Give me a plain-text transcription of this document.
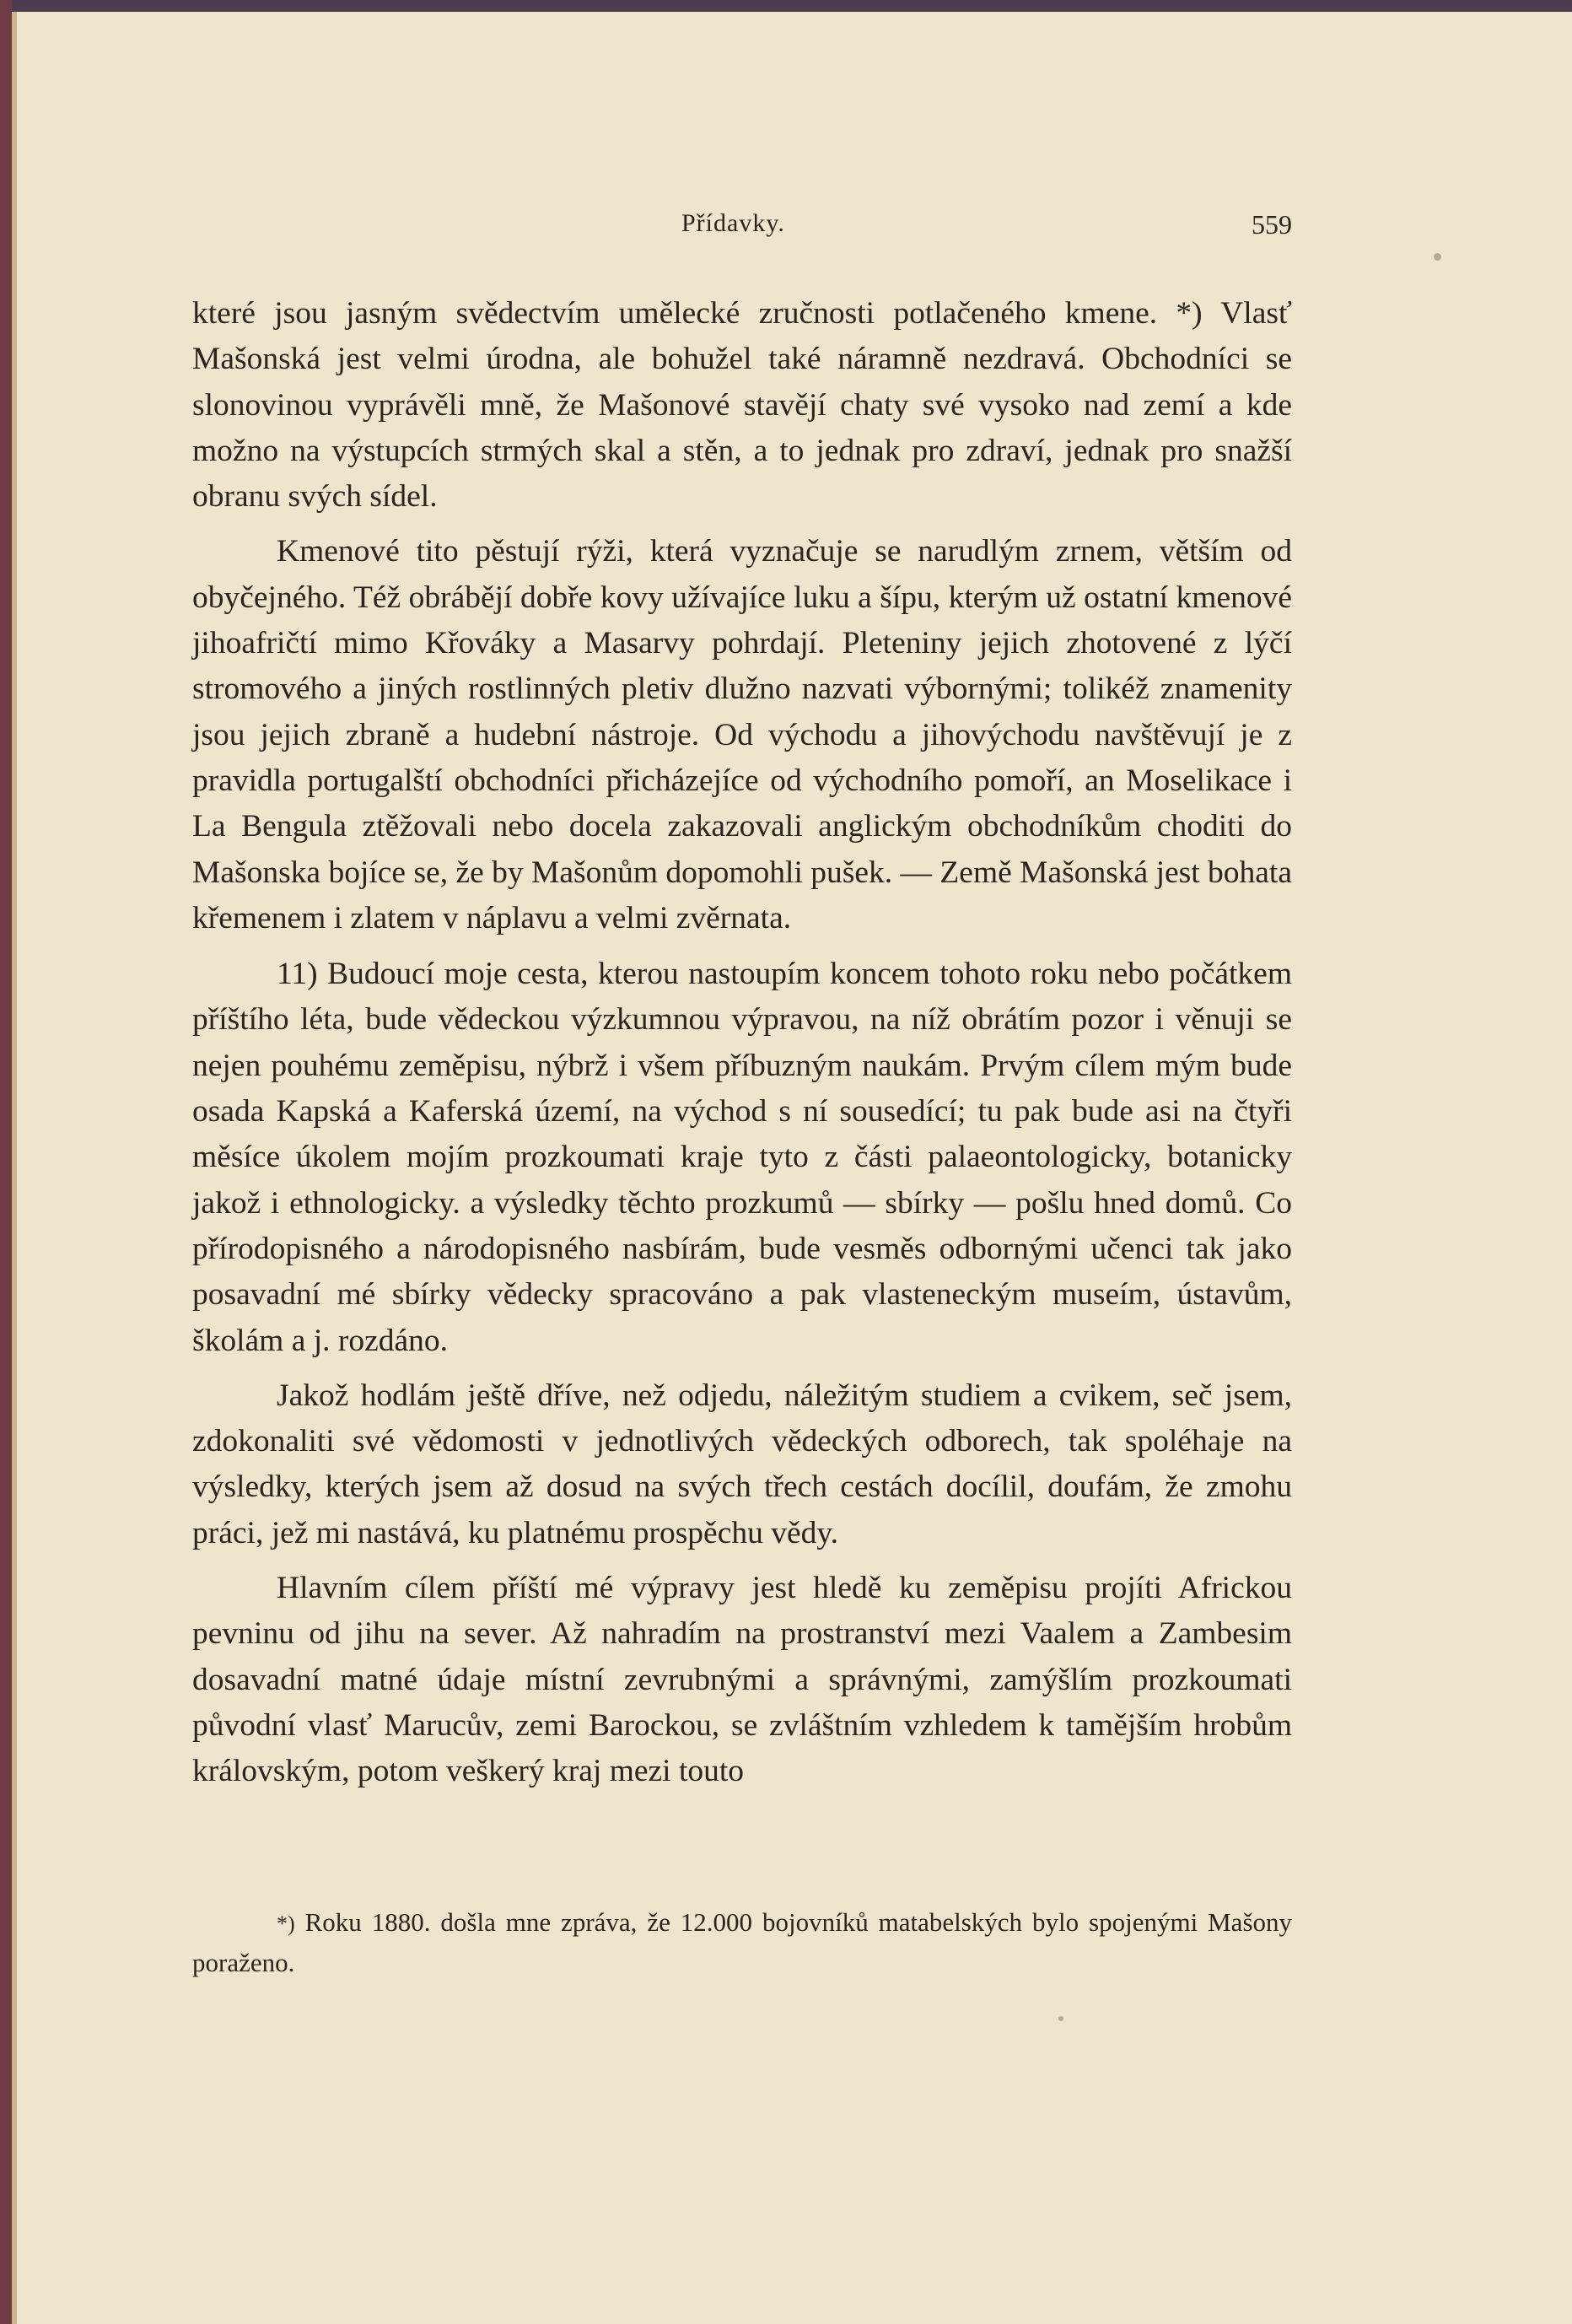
Přídavky.	559

které jsou jasným svědectvím umělecké zručnosti potlačeného kmene. *) Vlasť Mašonská jest velmi úrodna, ale bohužel také náramně nezdravá. Obchodníci se slonovinou vyprávěli mně, že Mašonové stavějí chaty své vysoko nad zemí a kde možno na výstupcích strmých skal a stěn, a to jednak pro zdraví, jednak pro snažší obranu svých sídel.

Kmenové tito pěstují rýži, která vyznačuje se narudlým zrnem, větším od obyčejného. Též obrábějí dobře kovy užívajíce luku a šípu, kterým už ostatní kmenové jihoafričtí mimo Křováky a Masarvy pohrdají. Pleteniny jejich zhotovené z lýčí stromového a jiných rostlinných pletiv dlužno nazvati výbornými; tolikéž znamenity jsou jejich zbraně a hudební nástroje. Od východu a jihovýchodu navštěvují je z pravidla portugalští obchodníci přicházejíce od východního pomoří, an Moselikace i La Bengula ztěžovali nebo docela zakazovali anglickým obchodníkům choditi do Mašonska bojíce se, že by Mašonům dopomohli pušek. — Země Mašonská jest bohata křemenem i zlatem v náplavu a velmi zvěrnata.

11) Budoucí moje cesta, kterou nastoupím koncem tohoto roku nebo počátkem příštího léta, bude vědeckou výzkumnou výpravou, na níž obrátím pozor i věnuji se nejen pouhému zeměpisu, nýbrž i všem příbuzným naukám. Prvým cílem mým bude osada Kapská a Kaferská území, na východ s ní sousedící; tu pak bude asi na čtyři měsíce úkolem mojím prozkoumati kraje tyto z části palaeontologicky, botanicky jakož i ethnologicky. a výsledky těchto prozkumů — sbírky — pošlu hned domů. Co přírodopisného a národopisného nasbírám, bude vesměs odbornými učenci tak jako posavadní mé sbírky vědecky spracováno a pak vlasteneckým museím, ústavům, školám a j. rozdáno.

Jakož hodlám ještě dříve, než odjedu, náležitým studiem a cvikem, seč jsem, zdokonaliti své vědomosti v jednotlivých vědeckých odborech, tak spoléhaje na výsledky, kterých jsem až dosud na svých třech cestách docílil, doufám, že zmohu práci, jež mi nastává, ku platnému prospěchu vědy.

Hlavním cílem příští mé výpravy jest hledě ku zeměpisu projíti Africkou pevninu od jihu na sever. Až nahradím na prostranství mezi Vaalem a Zambesim dosavadní matné údaje místní zevrubnými a správnými, zamýšlím prozkoumati původní vlasť Marucův, zemi Barockou, se zvláštním vzhledem k tamějším hrobům královským, potom veškerý kraj mezi touto

*) Roku 1880. došla mne zpráva, že 12.000 bojovníků matabelských bylo spojenými Mašony poraženo.
